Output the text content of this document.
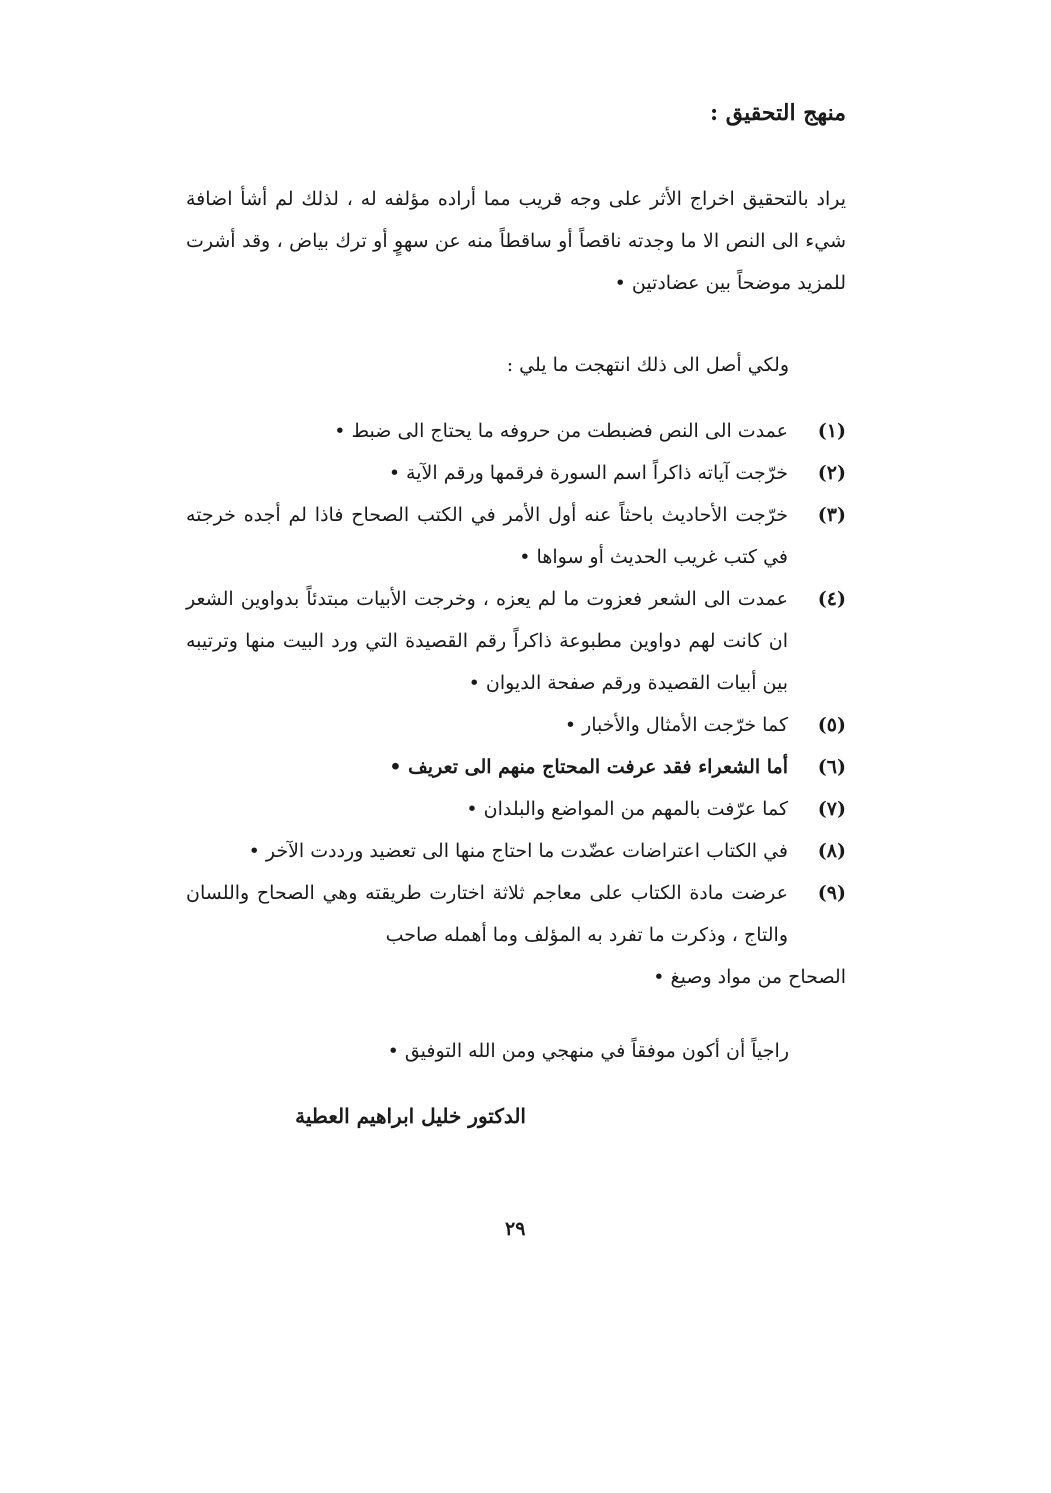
منهج التحقيق :
يراد بالتحقيق اخراج الأثر على وجه قريب مما أراده مؤلفه له ، لذلك لم أشأ اضافة شيء الى النص الا ما وجدته ناقصاً أو ساقطاً منه عن سهوٍ أو ترك بياض ، وقد أشرت للمزيد موضحاً بين عضادتين •
ولكي أصل الى ذلك انتهجت ما يلي :
(١)
عمدت الى النص فضبطت من حروفه ما يحتاج الى ضبط •
(٢)
خرّجت آياته ذاكراً اسم السورة فرقمها ورقم الآية •
(٣)
خرّجت الأحاديث باحثاً عنه أول الأمر في الكتب الصحاح فاذا لم أجده خرجته في كتب غريب الحديث أو سواها •
(٤)
عمدت الى الشعر فعزوت ما لم يعزه ، وخرجت الأبيات مبتدئاً بدواوين الشعر ان كانت لهم دواوين مطبوعة ذاكراً رقم القصيدة التي ورد البيت منها وترتيبه بين أبيات القصيدة ورقم صفحة الديوان •
(٥)
كما خرّجت الأمثال والأخبار •
(٦)
أما الشعراء فقد عرفت المحتاج منهم الى تعريف •
(٧)
كما عرّفت بالمهم من المواضع والبلدان •
(٨)
في الكتاب اعتراضات عضّدت ما احتاج منها الى تعضيد ورددت الآخر •
(٩)
عرضت مادة الكتاب على معاجم ثلاثة اختارت طريقته وهي الصحاح واللسان والتاج ، وذكرت ما تفرد به المؤلف وما أهمله صاحب
الصحاح من مواد وصيغ •
راجياً أن أكون موفقاً في منهجي ومن الله التوفيق •
الدكتور خليل ابراهيم العطية
٢٩
